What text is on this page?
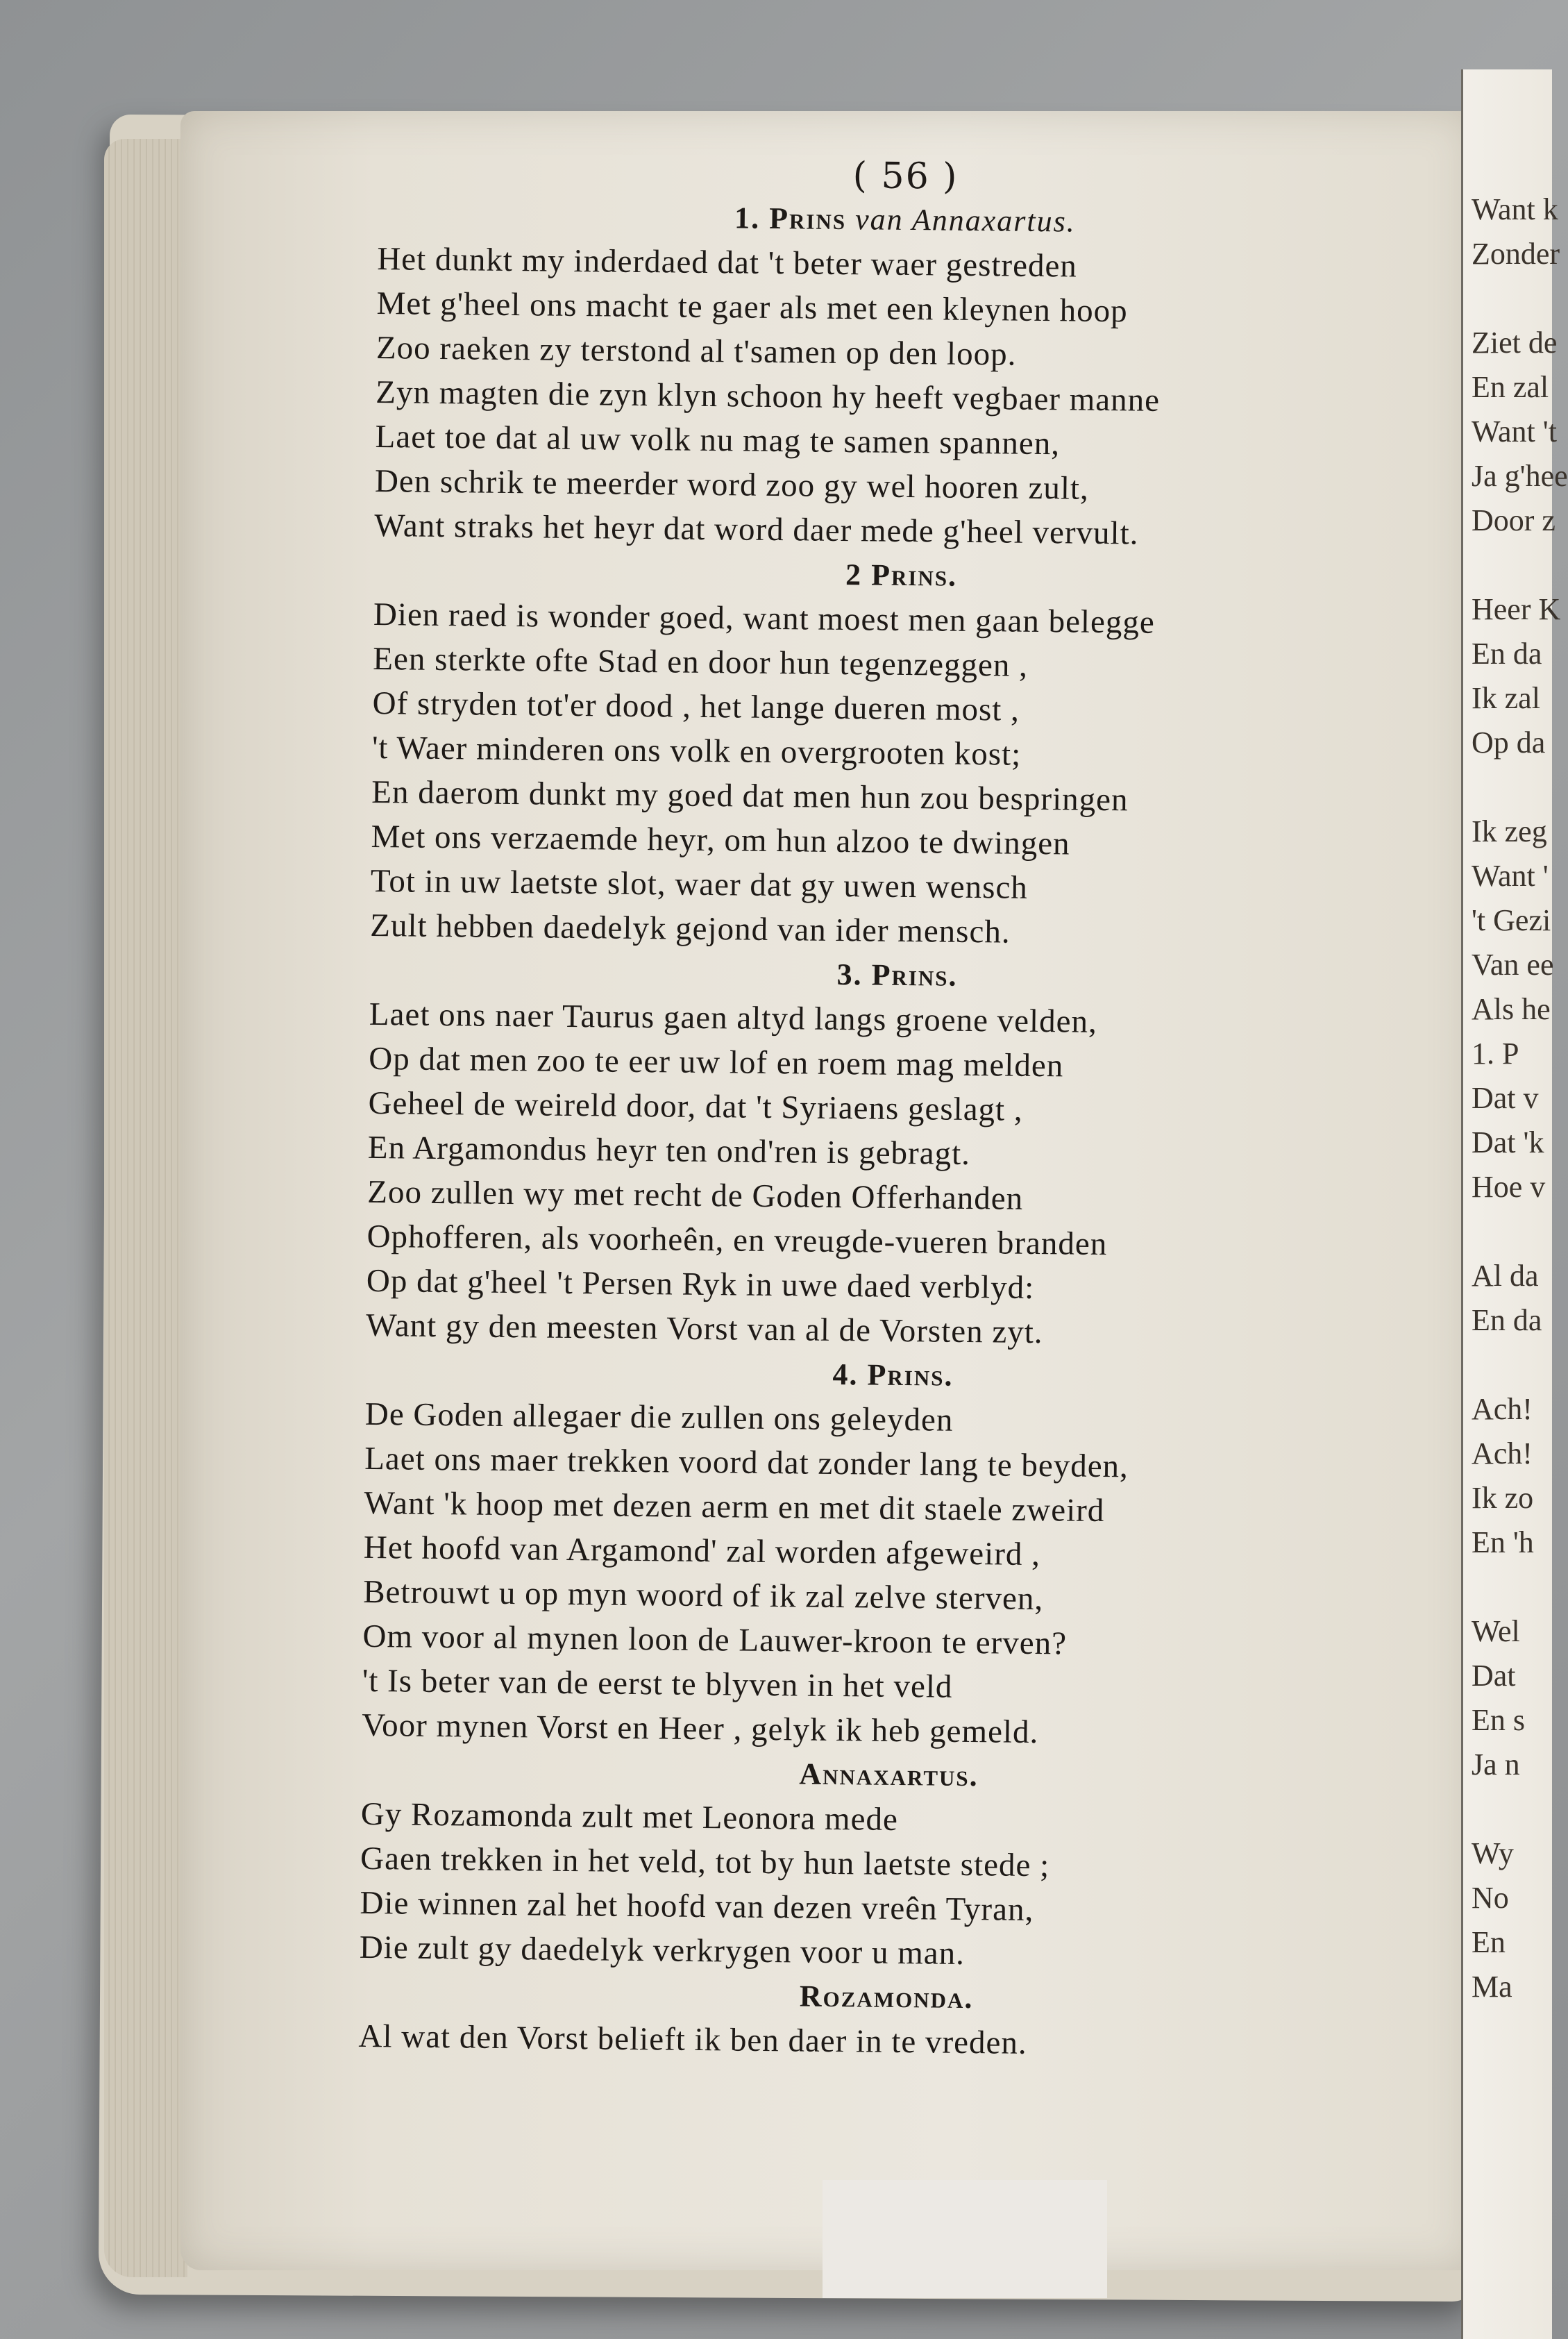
Want k
Zonder

Ziet de
En zal
Want 't
Ja g'hee
Door z

Heer K
En da
Ik zal
Op da

Ik zeg
Want '
't Gezi
Van ee
Als he
1. P
Dat v
Dat 'k
Hoe v

Al da
En da

Ach!
Ach!
Ik zo
En 'h

Wel
Dat
En s
Ja n

Wy
No
En
Ma
( 56 )
1. Prins van Annaxartus.
Het dunkt my inderdaed dat 't beter waer gestreden
Met g'heel ons macht te gaer als met een kleynen hoop
Zoo raeken zy terstond al t'samen op den loop.
Zyn magten die zyn klyn schoon hy heeft vegbaer manne
Laet toe dat al uw volk nu mag te samen spannen,
Den schrik te meerder word zoo gy wel hooren zult,
Want straks het heyr dat word daer mede g'heel vervult.
2 Prins.
Dien raed is wonder goed, want moest men gaan belegge
Een sterkte ofte Stad en door hun tegenzeggen ,
Of stryden tot'er dood , het lange dueren most ,
't Waer minderen ons volk en overgrooten kost;
En daerom dunkt my goed dat men hun zou bespringen
Met ons verzaemde heyr, om hun alzoo te dwingen
Tot in uw laetste slot, waer dat gy uwen wensch
Zult hebben daedelyk gejond van ider mensch.
3. Prins.
Laet ons naer Taurus gaen altyd langs groene velden,
Op dat men zoo te eer uw lof en roem mag melden
Geheel de weireld door, dat 't Syriaens geslagt ,
En Argamondus heyr ten ond'ren is gebragt.
Zoo zullen wy met recht de Goden Offerhanden
Ophofferen, als voorheên, en vreugde-vueren branden
Op dat g'heel 't Persen Ryk in uwe daed verblyd:
Want gy den meesten Vorst van al de Vorsten zyt.
4. Prins.
De Goden allegaer die zullen ons geleyden
Laet ons maer trekken voord dat zonder lang te beyden,
Want 'k hoop met dezen aerm en met dit staele zweird
Het hoofd van Argamond' zal worden afgeweird ,
Betrouwt u op myn woord of ik zal zelve sterven,
Om voor al mynen loon de Lauwer-kroon te erven?
't Is beter van de eerst te blyven in het veld
Voor mynen Vorst en Heer , gelyk ik heb gemeld.
Annaxartus.
Gy Rozamonda zult met Leonora mede
Gaen trekken in het veld, tot by hun laetste stede ;
Die winnen zal het hoofd van dezen vreên Tyran,
Die zult gy daedelyk verkrygen voor u man.
Rozamonda.
Al wat den Vorst belieft ik ben daer in te vreden.
